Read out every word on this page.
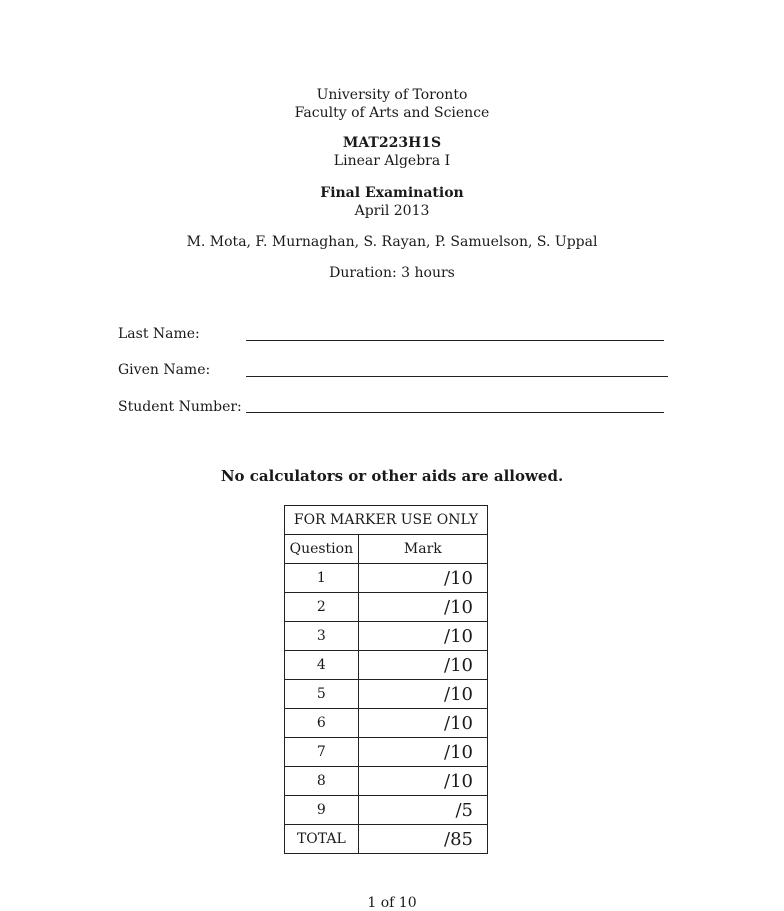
University of Toronto
Faculty of Arts and Science
MAT223H1S
Linear Algebra I
Final Examination
April 2013
M. Mota, F. Murnaghan, S. Rayan, P. Samuelson, S. Uppal
Duration: 3 hours
Last Name:
Given Name:
Student Number:
No calculators or other aids are allowed.
FOR MARKER USE ONLY	
Question	Mark
1	/10
2	/10
3	/10
4	/10
5	/10
6	/10
7	/10
8	/10
9	/5
TOTAL	/85
1 of 10
